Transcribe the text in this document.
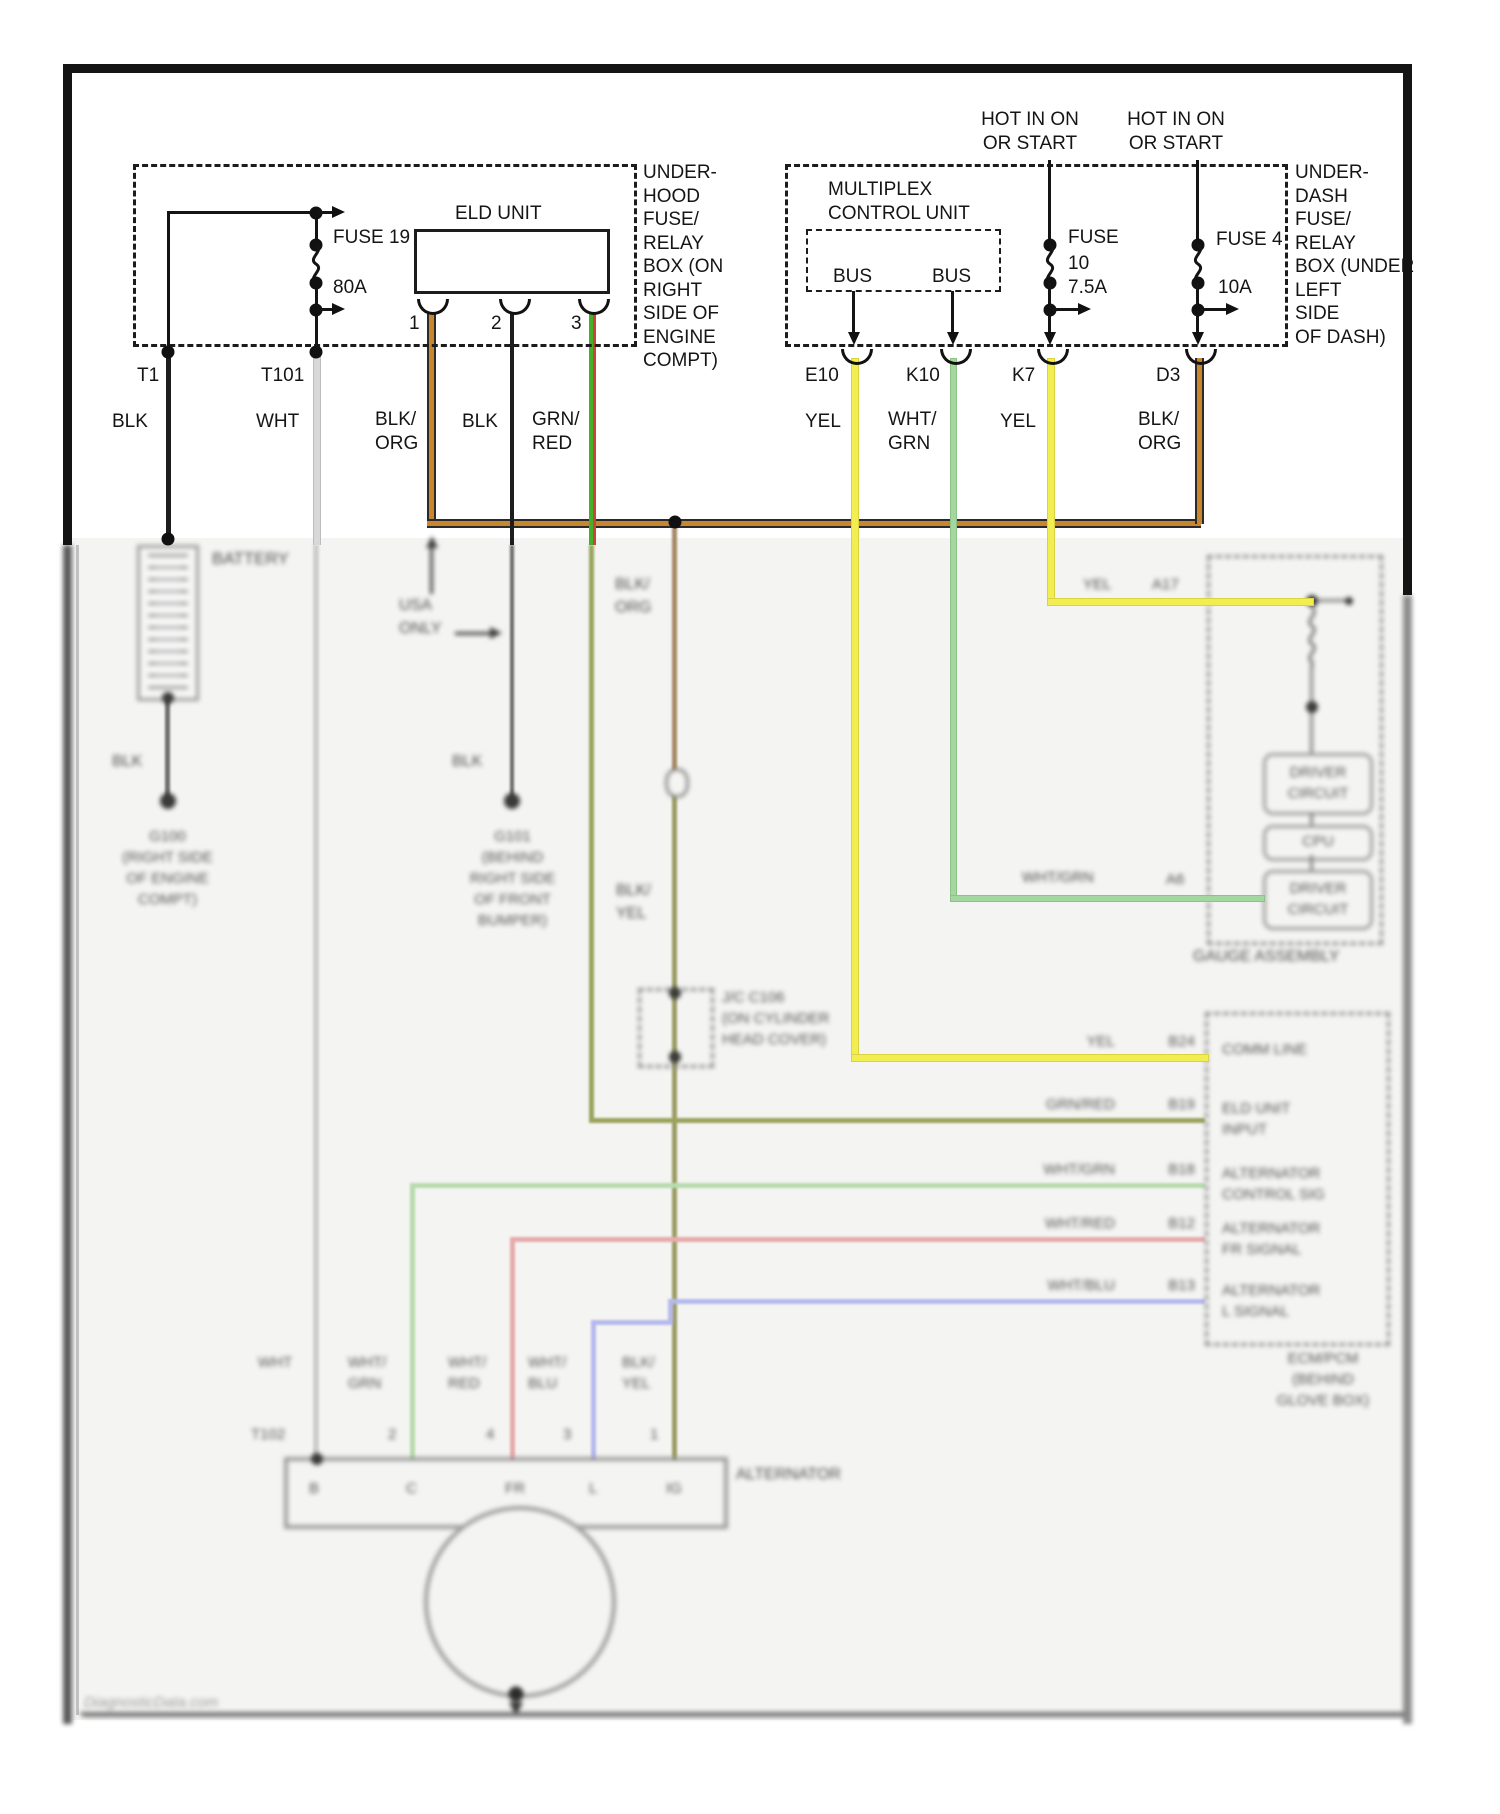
BATTERY
BLK
G100
(RIGHT SIDE
OF ENGINE
COMPT)
BLK
G101
(BEHIND
RIGHT SIDE
OF FRONT
BUMPER)
USA
ONLY
BLK/
ORG
BLK/
YEL
J/C C106
(ON CYLINDER
HEAD COVER)
GAUGE ASSEMBLY
YEL	A17
WHT/GRN	A6
DRIVER
CIRCUIT
CPU
DRIVER
CIRCUIT
ECM/PCM
(BEHIND
GLOVE BOX)
YEL	B24 COMM LINE
GRN/RED	B19 ELD UNIT
INPUT
WHT/GRN	B18 ALTERNATOR
CONTROL SIG
WHT/RED	B12 ALTERNATOR
FR SIGNAL
WHT/BLU	B13 ALTERNATOR
L SIGNAL
WHT	WHT/
GRN
WHT/
RED
WHT/
BLU
BLK/
YEL
T102	2	4	3	1
B	C	FR	L	IG
ALTERNATOR
DiagnosticData.com
UNDER-
HOOD
FUSE/
RELAY
BOX (ON
RIGHT
SIDE OF
ENGINE
COMPT)
ELD UNIT
1	2	3
FUSE 19
80A
UNDER-
DASH
FUSE/
RELAY
BOX (UNDER
LEFT
SIDE
OF DASH)
MULTIPLEX
CONTROL UNIT
BUS	BUS
HOT IN ON
OR START
HOT IN ON
OR START
FUSE
10
7.5A
FUSE 4
10A
T1	T101	E10	K10	K7	D3
BLK	WHT	BLK/
ORG
BLK GRN/
RED
YEL WHT/
GRN
YEL	BLK/
ORG
